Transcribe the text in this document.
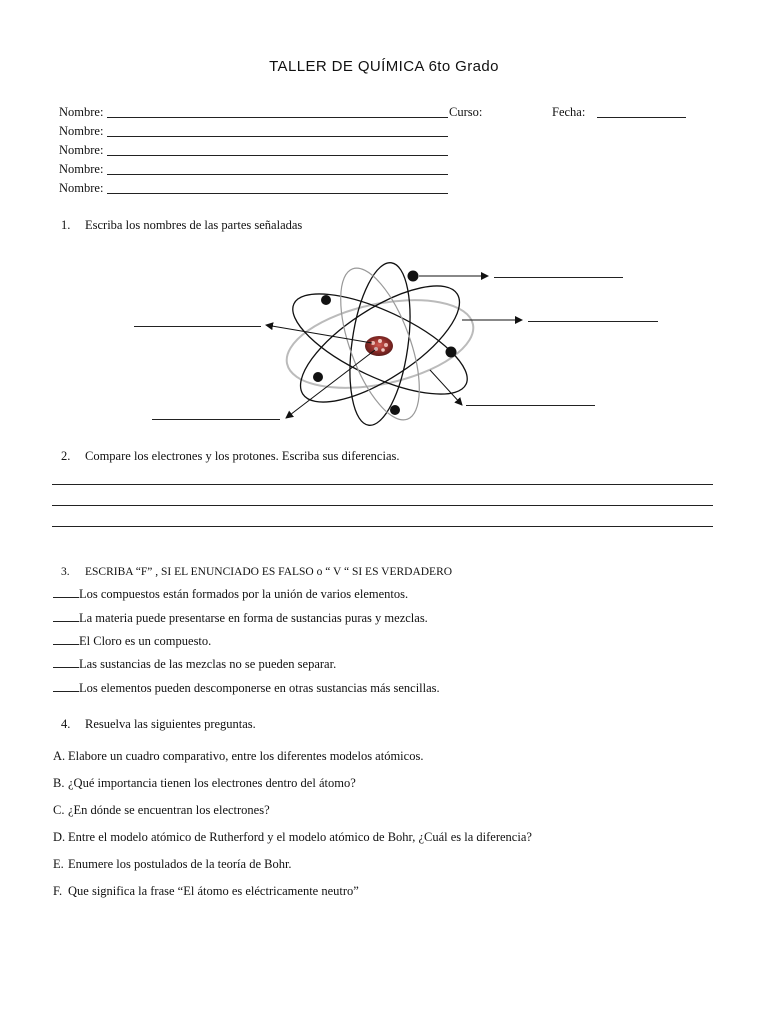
TALLER DE QUÍMICA 6to Grado
Nombre:	Curso:	Fecha:
Nombre:
Nombre:
Nombre:
Nombre:
1. Escriba los nombres de las partes señaladas
2. Compare los electrones y los protones. Escriba sus diferencias.
3. ESCRIBA “F” , SI EL ENUNCIADO ES FALSO o “ V “ SI ES VERDADERO
Los compuestos están formados por la unión de varios elementos.
La materia puede presentarse en forma de sustancias puras y mezclas.
El Cloro es un compuesto.
Las sustancias de las mezclas no se pueden separar.
Los elementos pueden descomponerse en otras sustancias más sencillas.
4. Resuelva las siguientes preguntas.
A. Elabore un cuadro comparativo, entre los diferentes modelos atómicos.
B. ¿Qué importancia tienen los electrones dentro del átomo?
C. ¿En dónde se encuentran los electrones?
D. Entre el modelo atómico de Rutherford y el modelo atómico de Bohr, ¿Cuál es la diferencia?
E. Enumere los postulados de la teoría de Bohr.
F. Que significa la frase “El átomo es eléctricamente neutro”
